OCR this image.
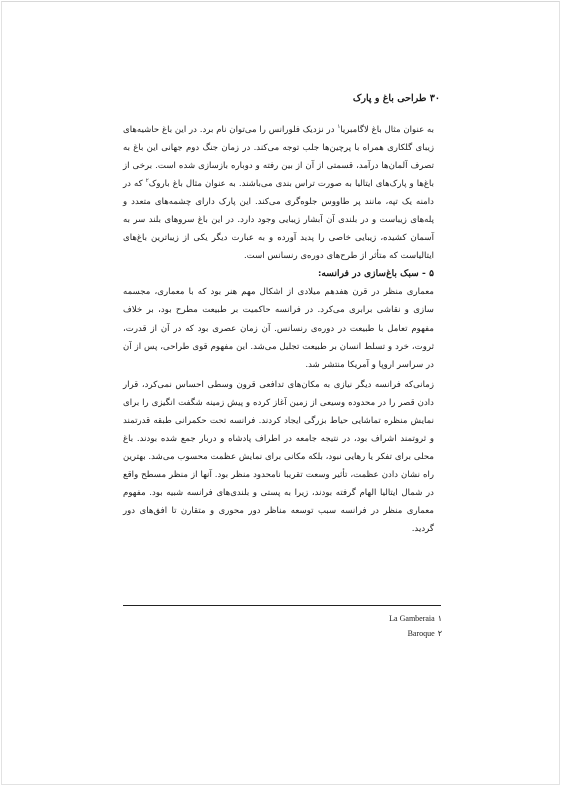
۳۰ طراحی باغ و پارک

به عنوان مثال باغ لاگامبریا$^۱$ در نزدیک فلورانس را می‌توان نام برد. در این باغ حاشیه‌های زیبای گلکاری همراه با پرچین‌ها جلب توجه می‌کند. در زمان جنگ دوم جهانی این باغ به تصرف آلمان‌ها درآمد، قسمتی از آن از بین رفته و دوباره بازسازی شده است. برخی از باغ‌ها و پارک‌های ایتالیا به صورت تراس بندی می‌باشند. به عنوان مثال باغ باروک$^۲$ که در دامنه یک تپه، مانند پر طاووس جلوه‌گری می‌کند. این پارک دارای چشمه‌های متعدد و پله‌های زیباست و در بلندی آن آبشار زیبایی وجود دارد. در این باغ سروهای بلند سر به آسمان کشیده، زیبایی خاصی را پدید آورده و به عبارت دیگر یکی از زیباترین باغ‌های ایتالیاست که متأثر از طرح‌های دوره‌ی رنسانس است.

۵ - سبک باغ‌سازی در فرانسه:

معماری منظر در قرن هفدهم میلادی از اشکال مهم هنر بود که با معماری، مجسمه سازی و نقاشی برابری می‌کرد. در فرانسه حاکمیت بر طبیعت مطرح بود، بر خلاف مفهوم تعامل با طبیعت در دوره‌ی رنسانس. آن زمان عصری بود که در آن از قدرت، ثروت، خرد و تسلط انسان بر طبیعت تجلیل می‌شد. این مفهوم قوی طراحی، پس از آن در سراسر اروپا و آمریکا منتشر شد.

زمانی‌که فرانسه دیگر نیازی به مکان‌های تدافعی قرون وسطی احساس نمی‌کرد، قرار دادن قصر را در محدوده وسیعی از زمین آغاز کرده و پیش زمینه شگفت انگیزی را برای نمایش منظره تماشایی حیاط بزرگی ایجاد کردند. فرانسه تحت حکمرانی طبقه قدرتمند و ثروتمند اشراف بود، در نتیجه جامعه در اطراف پادشاه و دربار جمع شده بودند. باغ محلی برای تفکر یا رهایی نبود، بلکه مکانی برای نمایش عظمت محسوب می‌شد. بهترین راه نشان دادن عظمت، تأثیر وسعت تقریبا نامحدود منظر بود. آنها از منظر مسطح واقع در شمال ایتالیا الهام گرفته بودند، زیرا به پستی و بلندی‌های فرانسه شبیه بود. مفهوم معماری منظر در فرانسه سبب توسعه مناظر دور محوری و متقارن تا افق‌های دور گردید.

۱La Gamberaia
۲Baroque
